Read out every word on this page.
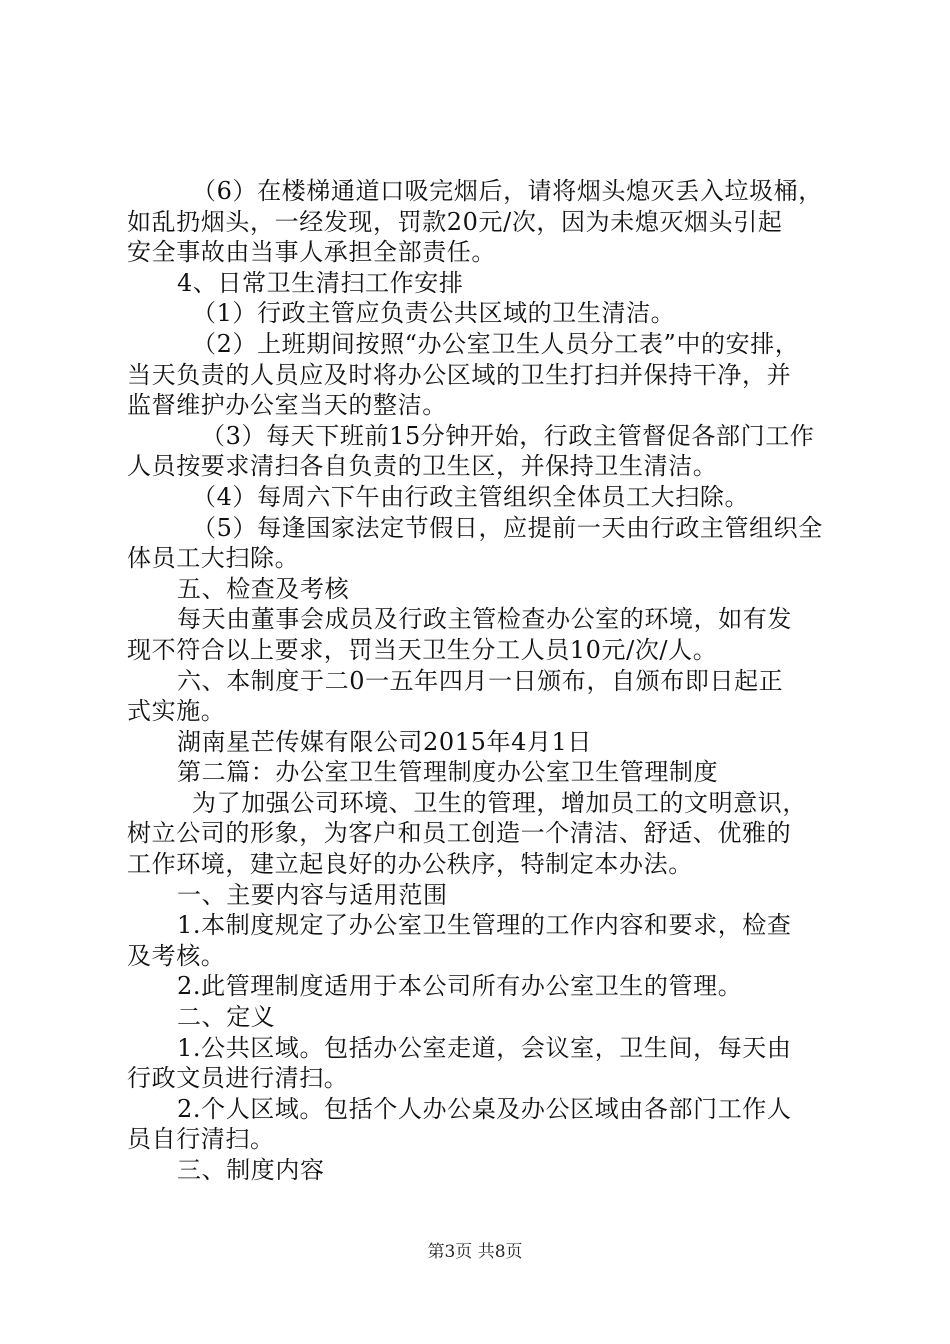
（6）在楼梯通道口吸完烟后，请将烟头熄灭丢入垃圾桶，
如乱扔烟头，一经发现，罚款20元/次，因为未熄灭烟头引起
安全事故由当事人承担全部责任。
4、日常卫生清扫工作安排
（1）行政主管应负责公共区域的卫生清洁。
（2）上班期间按照“办公室卫生人员分工表”中的安排，
当天负责的人员应及时将办公区域的卫生打扫并保持干净，并
监督维护办公室当天的整洁。
（3）每天下班前15分钟开始，行政主管督促各部门工作
人员按要求清扫各自负责的卫生区，并保持卫生清洁。
（4）每周六下午由行政主管组织全体员工大扫除。
（5）每逢国家法定节假日，应提前一天由行政主管组织全
体员工大扫除。
五、检查及考核
每天由董事会成员及行政主管检查办公室的环境，如有发
现不符合以上要求，罚当天卫生分工人员10元/次/人。
六、本制度于二0一五年四月一日颁布，自颁布即日起正
式实施。
湖南星芒传媒有限公司2015年4月1日
第二篇：办公室卫生管理制度办公室卫生管理制度
为了加强公司环境、卫生的管理，增加员工的文明意识，
树立公司的形象，为客户和员工创造一个清洁、舒适、优雅的
工作环境，建立起良好的办公秩序，特制定本办法。
一、主要内容与适用范围
1.本制度规定了办公室卫生管理的工作内容和要求，检查
及考核。
2.此管理制度适用于本公司所有办公室卫生的管理。
二、定义
1.公共区域。包括办公室走道，会议室，卫生间，每天由
行政文员进行清扫。
2.个人区域。包括个人办公桌及办公区域由各部门工作人
员自行清扫。
三、制度内容
第3页 共8页
